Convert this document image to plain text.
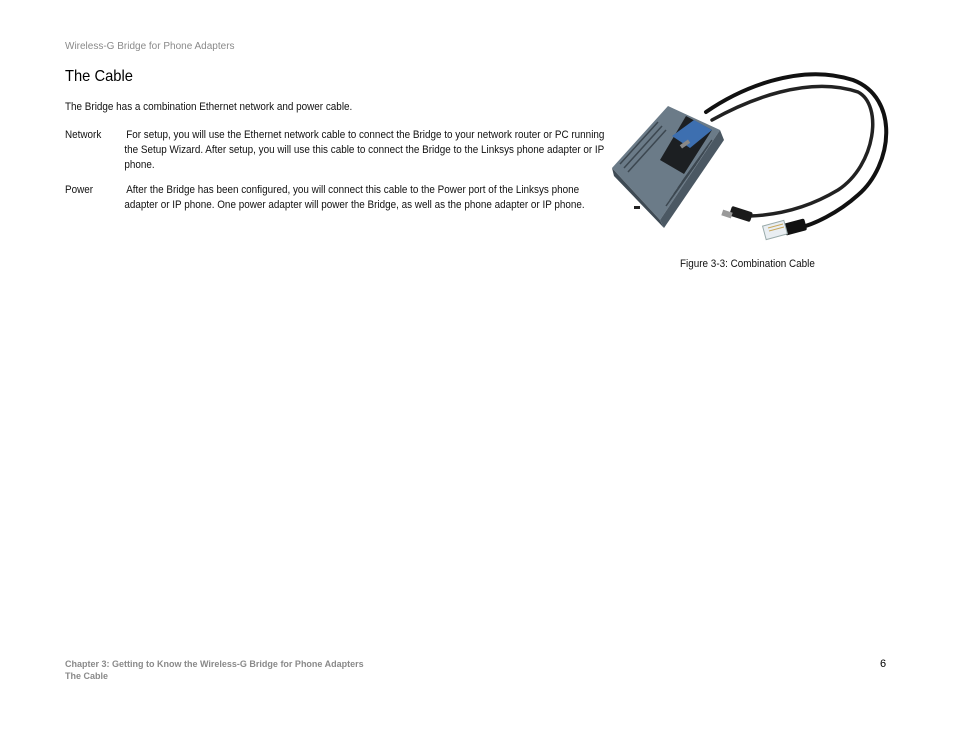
Wireless-G Bridge for Phone Adapters
The Cable

The Bridge has a combination Ethernet network and power cable.

Network For setup, you will use the Ethernet network cable to connect the Bridge to your network router or PC running the Setup Wizard. After setup, you will use this cable to connect the Bridge to the Linksys phone adapter or IP phone.
Power	After the Bridge has been configured, you will connect this cable to the Power port of the Linksys phone adapter or IP phone. One power adapter will power the Bridge, as well as the phone adapter or IP phone.
Figure 3-3: Combination Cable
Chapter 3: Getting to Know the Wireless-G Bridge for Phone Adapters
The Cable
6
